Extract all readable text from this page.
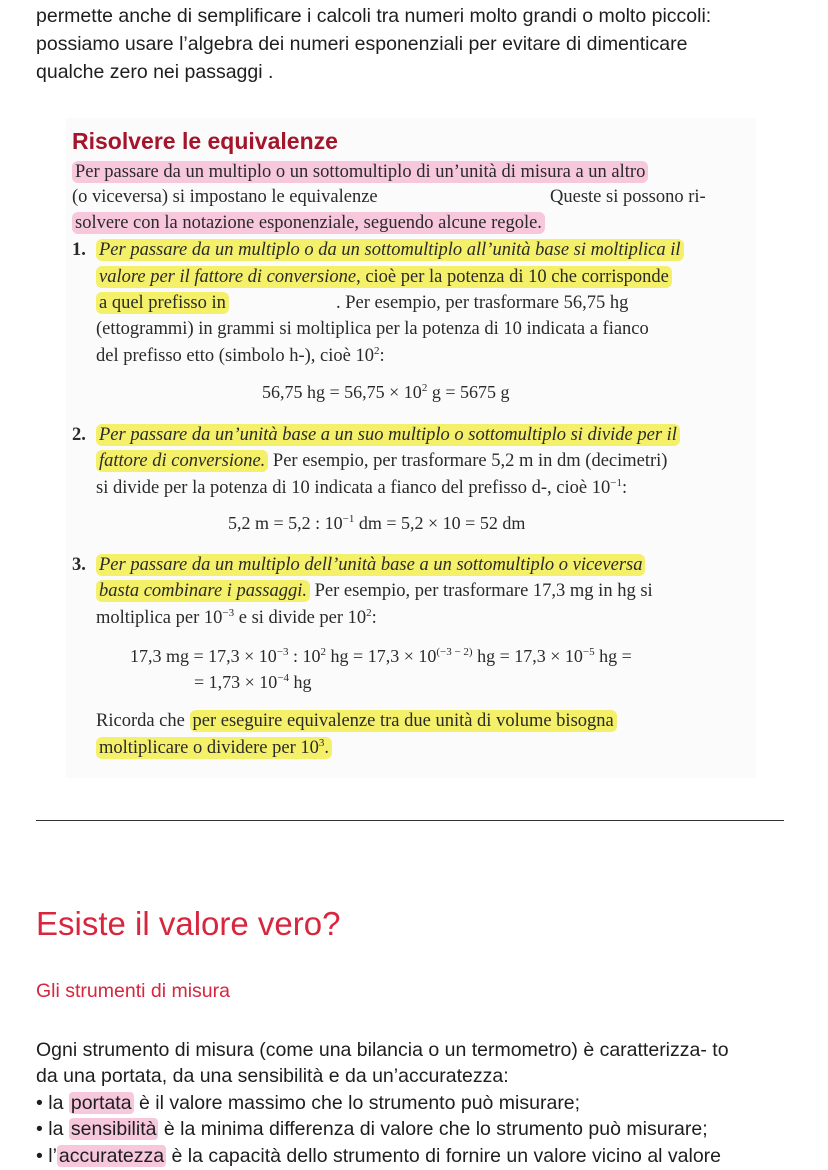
permette anche di semplificare i calcoli tra numeri molto grandi o molto piccoli:
possiamo usare l’algebra dei numeri esponenziali per evitare di dimenticare
qualche zero nei passaggi .
Risolvere le equivalenze
Per passare da un multiplo o un sottomultiplo di un’unità di misura a un altro
(o viceversa) si impostano le equivalenze	Queste si possono ri-
solvere con la notazione esponenziale, seguendo alcune regole.
1. Per passare da un multiplo o da un sottomultiplo all’unità base si moltiplica il
valore per il fattore di conversione, cioè per la potenza di 10 che corrisponde
a quel prefisso in	. Per esempio, per trasformare 56,75 hg
(ettogrammi) in grammi si moltiplica per la potenza di 10 indicata a fianco
del prefisso etto (simbolo h-), cioè $10^2$:
56,75 hg = $56,75 \times 10^2$ g = 5675 g
2. Per passare da un’unità base a un suo multiplo o sottomultiplo si divide per il
fattore di conversione. Per esempio, per trasformare 5,2 m in dm (decimetri)
si divide per la potenza di 10 indicata a fianco del prefisso d-, cioè $10^{-1}$:
5,2 m = 5,2 : $10^{-1}$ dm = 5,2 × 10 = 52 dm
3. Per passare da un multiplo dell’unità base a un sottomultiplo o viceversa
basta combinare i passaggi. Per esempio, per trasformare 17,3 mg in hg si
moltiplica per $10^{-3}$ e si divide per $10^2$:
17,3 mg = $17,3 \times 10^{-3}$ : $10^2$ hg = $17,3 \times 10^{(-3 - 2)}$ hg = $17,3 \times 10^{-5}$ hg =
= $1,73 \times 10^{-4}$ hg
Ricorda che per eseguire equivalenze tra due unità di volume bisogna
moltiplicare o dividere per $10^3$.
Esiste il valore vero?
Gli strumenti di misura
Ogni strumento di misura (come una bilancia o un termometro) è caratterizza- to
da una portata, da una sensibilità e da un’accuratezza:
• la portata è il valore massimo che lo strumento può misurare;
• la sensibilità è la minima differenza di valore che lo strumento può misurare;
• l’ accuratezza è la capacità dello strumento di fornire un valore vicino al valore
